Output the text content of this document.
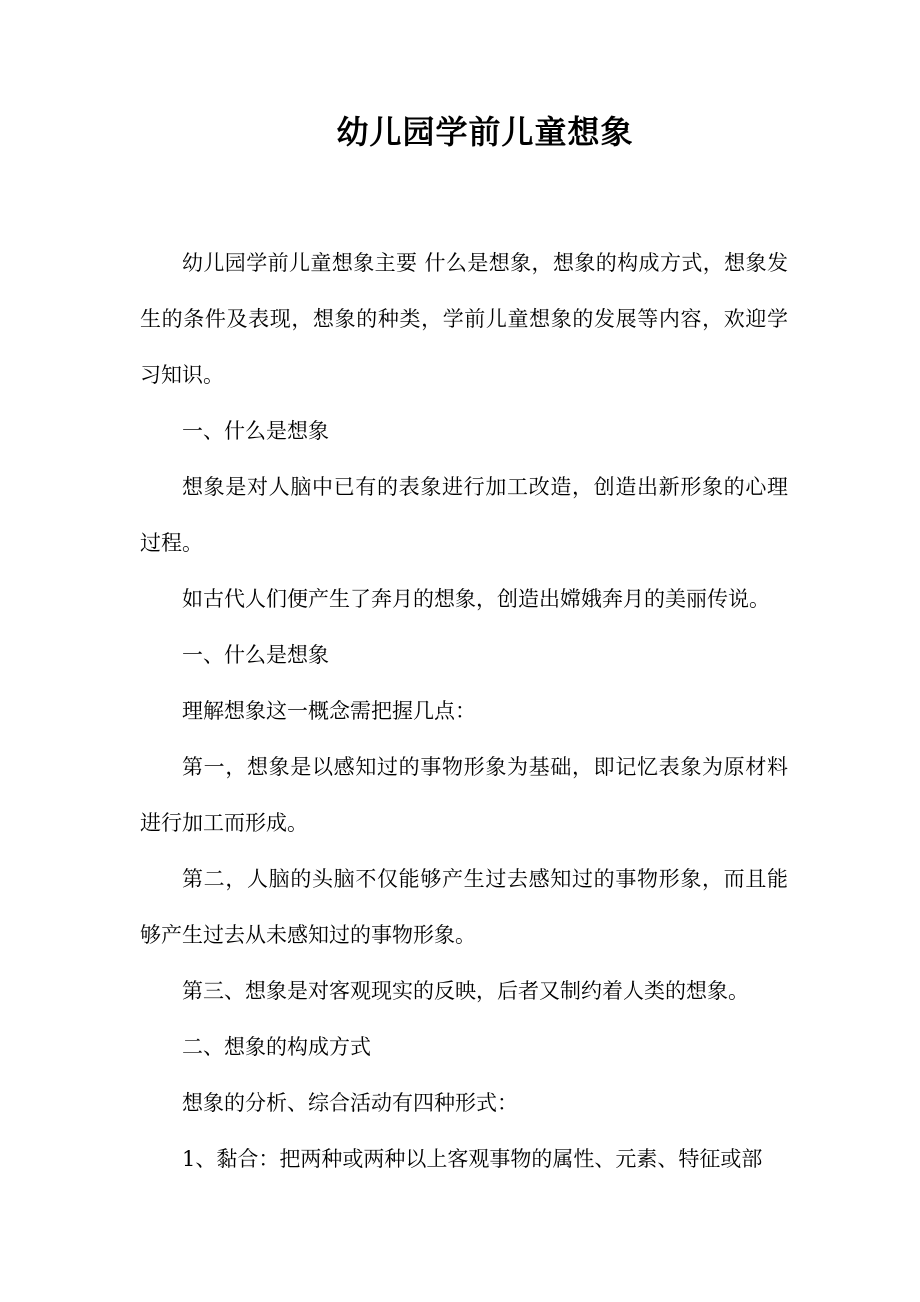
幼儿园学前儿童想象

幼儿园学前儿童想象主要 什么是想象，想象的构成方式，想象发生的条件及表现，想象的种类，学前儿童想象的发展等内容，欢迎学习知识。

一、什么是想象

想象是对人脑中已有的表象进行加工改造，创造出新形象的心理过程。

如古代人们便产生了奔月的想象，创造出嫦娥奔月的美丽传说。

一、什么是想象

理解想象这一概念需把握几点：

第一，想象是以感知过的事物形象为基础，即记忆表象为原材料进行加工而形成。

第二，人脑的头脑不仅能够产生过去感知过的事物形象，而且能够产生过去从未感知过的事物形象。

第三、想象是对客观现实的反映，后者又制约着人类的想象。

二、想象的构成方式

想象的分析、综合活动有四种形式：

1、黏合：把两种或两种以上客观事物的属性、元素、特征或部
